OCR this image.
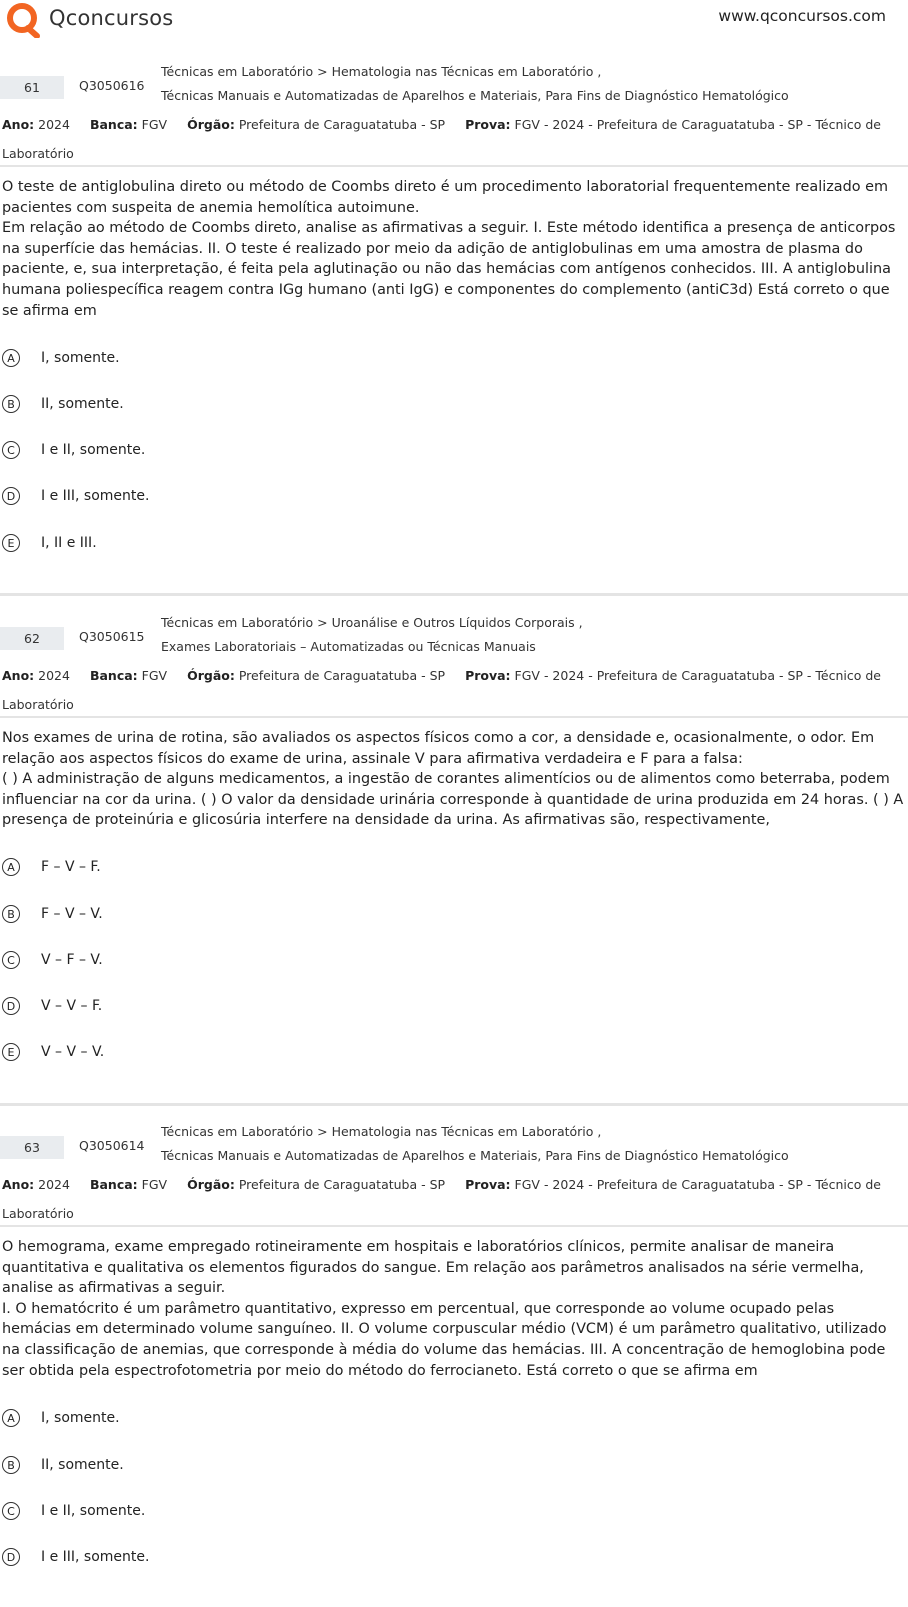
Qconcursos	www.qconcursos.com
61	Q3050616
Técnicas em Laboratório > Hematologia nas Técnicas em Laboratório ,
Técnicas Manuais e Automatizadas de Aparelhos e Materiais, Para Fins de Diagnóstico Hematológico
Ano: 2024 Banca: FGV Órgão: Prefeitura de Caraguatatuba - SP Prova: FGV - 2024 - Prefeitura de Caraguatatuba - SP - Técnico de Laboratório

O teste de antiglobulina direto ou método de Coombs direto é um procedimento laboratorial frequentemente realizado em pacientes com suspeita de anemia hemolítica autoimune.

Em relação ao método de Coombs direto, analise as afirmativas a seguir. I. Este método identifica a presença de anticorpos na superfície das hemácias. II. O teste é realizado por meio da adição de antiglobulinas em uma amostra de plasma do paciente, e, sua interpretação, é feita pela aglutinação ou não das hemácias com antígenos conhecidos. III. A antiglobulina humana poliespecífica reagem contra IGg humano (anti IgG) e componentes do complemento (antiC3d) Está correto o que se afirma em

A	I, somente.
B	II, somente.
C	I e II, somente.
D	I e III, somente.
E	I, II e III.
62	Q3050615
Técnicas em Laboratório > Uroanálise e Outros Líquidos Corporais ,
Exames Laboratoriais – Automatizadas ou Técnicas Manuais
Ano: 2024 Banca: FGV Órgão: Prefeitura de Caraguatatuba - SP Prova: FGV - 2024 - Prefeitura de Caraguatatuba - SP - Técnico de Laboratório

Nos exames de urina de rotina, são avaliados os aspectos físicos como a cor, a densidade e, ocasionalmente, o odor. Em relação aos aspectos físicos do exame de urina, assinale V para afirmativa verdadeira e F para a falsa:

( ) A administração de alguns medicamentos, a ingestão de corantes alimentícios ou de alimentos como beterraba, podem influenciar na cor da urina. ( ) O valor da densidade urinária corresponde à quantidade de urina produzida em 24 horas. ( ) A presença de proteinúria e glicosúria interfere na densidade da urina. As afirmativas são, respectivamente,

A	F – V – F.
B	F – V – V.
C	V – F – V.
D	V – V – F.
E	V – V – V.
63	Q3050614
Técnicas em Laboratório > Hematologia nas Técnicas em Laboratório ,
Técnicas Manuais e Automatizadas de Aparelhos e Materiais, Para Fins de Diagnóstico Hematológico
Ano: 2024 Banca: FGV Órgão: Prefeitura de Caraguatatuba - SP Prova: FGV - 2024 - Prefeitura de Caraguatatuba - SP - Técnico de Laboratório

O hemograma, exame empregado rotineiramente em hospitais e laboratórios clínicos, permite analisar de maneira quantitativa e qualitativa os elementos figurados do sangue. Em relação aos parâmetros analisados na série vermelha, analise as afirmativas a seguir.

I. O hematócrito é um parâmetro quantitativo, expresso em percentual, que corresponde ao volume ocupado pelas hemácias em determinado volume sanguíneo. II. O volume corpuscular médio (VCM) é um parâmetro qualitativo, utilizado na classificação de anemias, que corresponde à média do volume das hemácias. III. A concentração de hemoglobina pode ser obtida pela espectrofotometria por meio do método do ferrocianeto. Está correto o que se afirma em

A	I, somente.
B	II, somente.
C	I e II, somente.
D	I e III, somente.
